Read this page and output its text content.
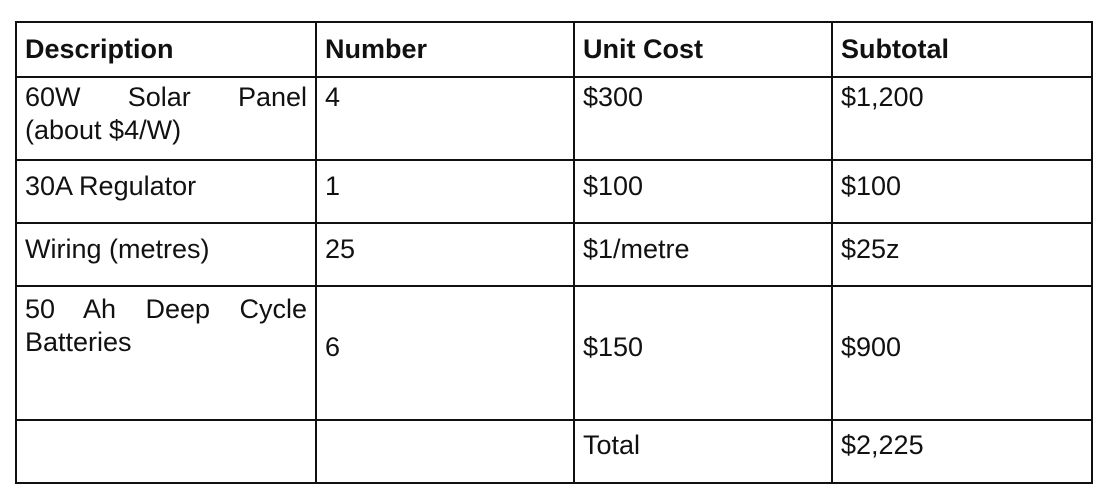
Description	Number	Unit Cost	Subtotal
60W Solar Panel (about $4/W)	4	$300	$1,200
30A Regulator	1	$100	$100
Wiring (metres)	25	$1/metre	$25z
50 Ah Deep Cycle Batteries	6	$150	$900
		Total	$2,225
